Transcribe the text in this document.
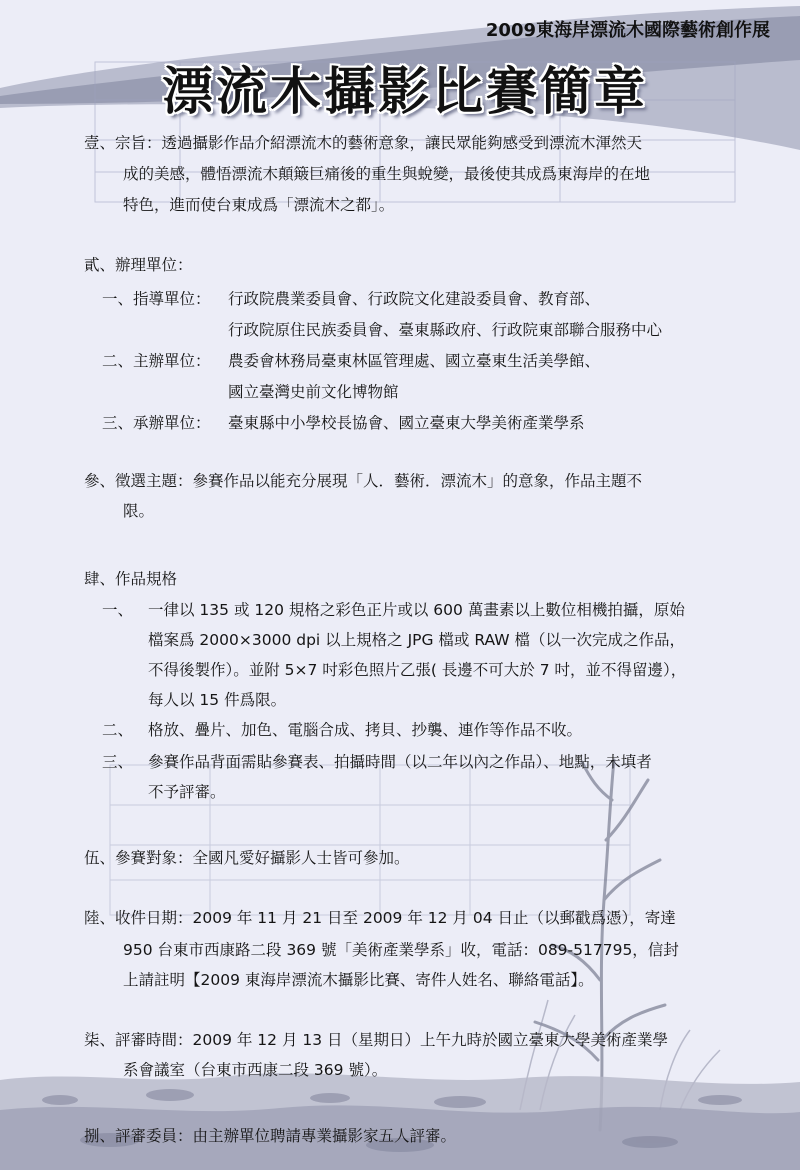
2009東海岸漂流木國際藝術創作展
漂流木攝影比賽簡章
壹、宗旨：透過攝影作品介紹漂流木的藝術意象，讓民眾能夠感受到漂流木渾然天
成的美感，體悟漂流木顛簸巨痛後的重生與蛻變，最後使其成爲東海岸的在地
特色，進而使台東成爲「漂流木之都」。
貳、辦理單位：
一、指導單位： 行政院農業委員會、行政院文化建設委員會、教育部、
行政院原住民族委員會、臺東縣政府、行政院東部聯合服務中心
二、主辦單位： 農委會林務局臺東林區管理處、國立臺東生活美學館、
國立臺灣史前文化博物館
三、承辦單位： 臺東縣中小學校長協會、國立臺東大學美術產業學系
參、徵選主題：參賽作品以能充分展現「人．藝術．漂流木」的意象，作品主題不
限。
肆、作品規格
一、 一律以 135 或 120 規格之彩色正片或以 600 萬畫素以上數位相機拍攝，原始
檔案爲 2000×3000 dpi 以上規格之 JPG 檔或 RAW 檔（以一次完成之作品，
不得後製作）。並附 5×7 吋彩色照片乙張( 長邊不可大於 7 吋，並不得留邊），
每人以 15 件爲限。
二、 格放、疊片、加色、電腦合成、拷貝、抄襲、連作等作品不收。
三、 參賽作品背面需貼參賽表、拍攝時間（以二年以內之作品）、地點，未填者
不予評審。
伍、參賽對象：全國凡愛好攝影人士皆可參加。
陸、收件日期：2009 年 11 月 21 日至 2009 年 12 月 04 日止（以郵戳爲憑），寄達
950 台東市西康路二段 369 號「美術產業學系」收，電話：089-517795，信封
上請註明【2009 東海岸漂流木攝影比賽、寄件人姓名、聯絡電話】。
柒、評審時間：2009 年 12 月 13 日（星期日）上午九時於國立臺東大學美術產業學
系會議室（台東市西康二段 369 號）。
捌、評審委員：由主辦單位聘請專業攝影家五人評審。
